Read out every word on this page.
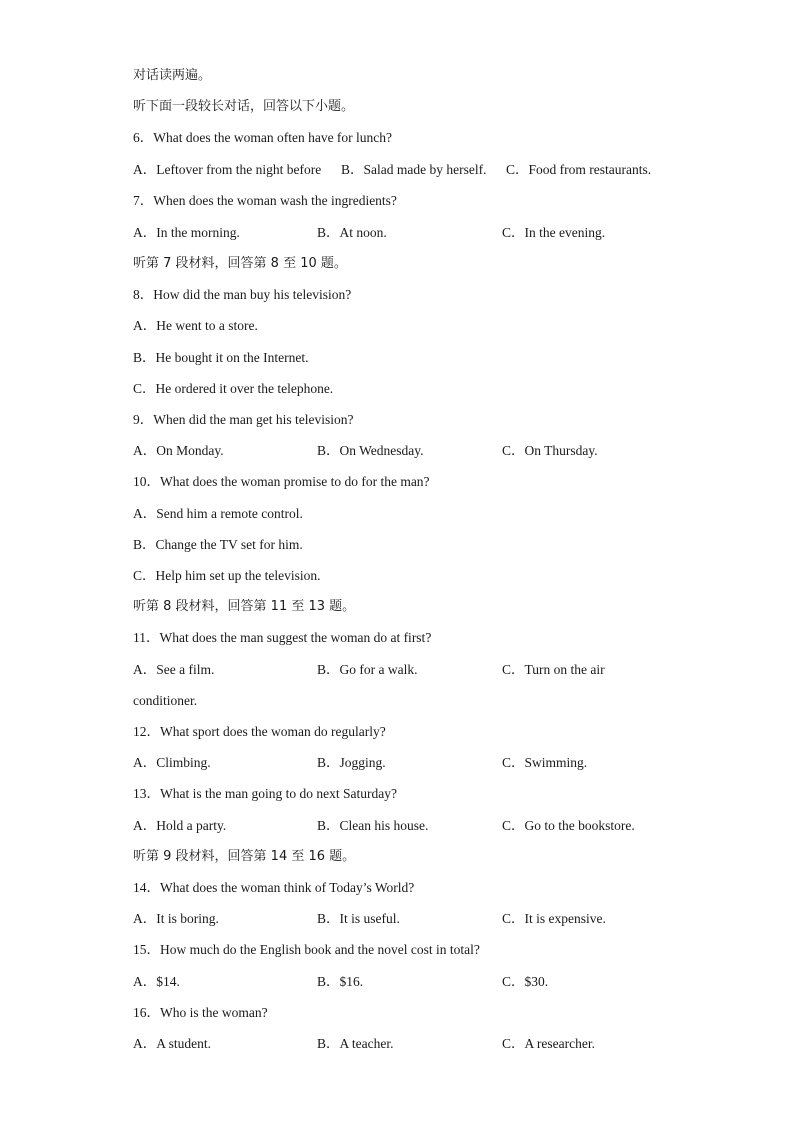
对话读两遍。
听下面一段较长对话，回答以下小题。
6．What does the woman often have for lunch?
A．Leftover from the night before B．Salad made by herself. C．Food from restaurants.
7．When does the woman wash the ingredients?
A．In the morning.	B．At noon.	C．In the evening.
听第 7 段材料，回答第 8 至 10 题。
8．How did the man buy his television?
A．He went to a store.
B．He bought it on the Internet.
C．He ordered it over the telephone.
9．When did the man get his television?
A．On Monday.	B．On Wednesday.	C．On Thursday.
10．What does the woman promise to do for the man?
A．Send him a remote control.
B．Change the TV set for him.
C．Help him set up the television.
听第 8 段材料，回答第 11 至 13 题。
11．What does the man suggest the woman do at first?
A．See a film.	B．Go for a walk.	C．Turn on the air
conditioner.
12．What sport does the woman do regularly?
A．Climbing.	B．Jogging.	C．Swimming.
13．What is the man going to do next Saturday?
A．Hold a party.	B．Clean his house.	C．Go to the bookstore.
听第 9 段材料，回答第 14 至 16 题。
14．What does the woman think of Today’s World?
A．It is boring.	B．It is useful.	C．It is expensive.
15．How much do the English book and the novel cost in total?
A．$14.	B．$16.	C．$30.
16．Who is the woman?
A．A student.	B．A teacher.	C．A researcher.
